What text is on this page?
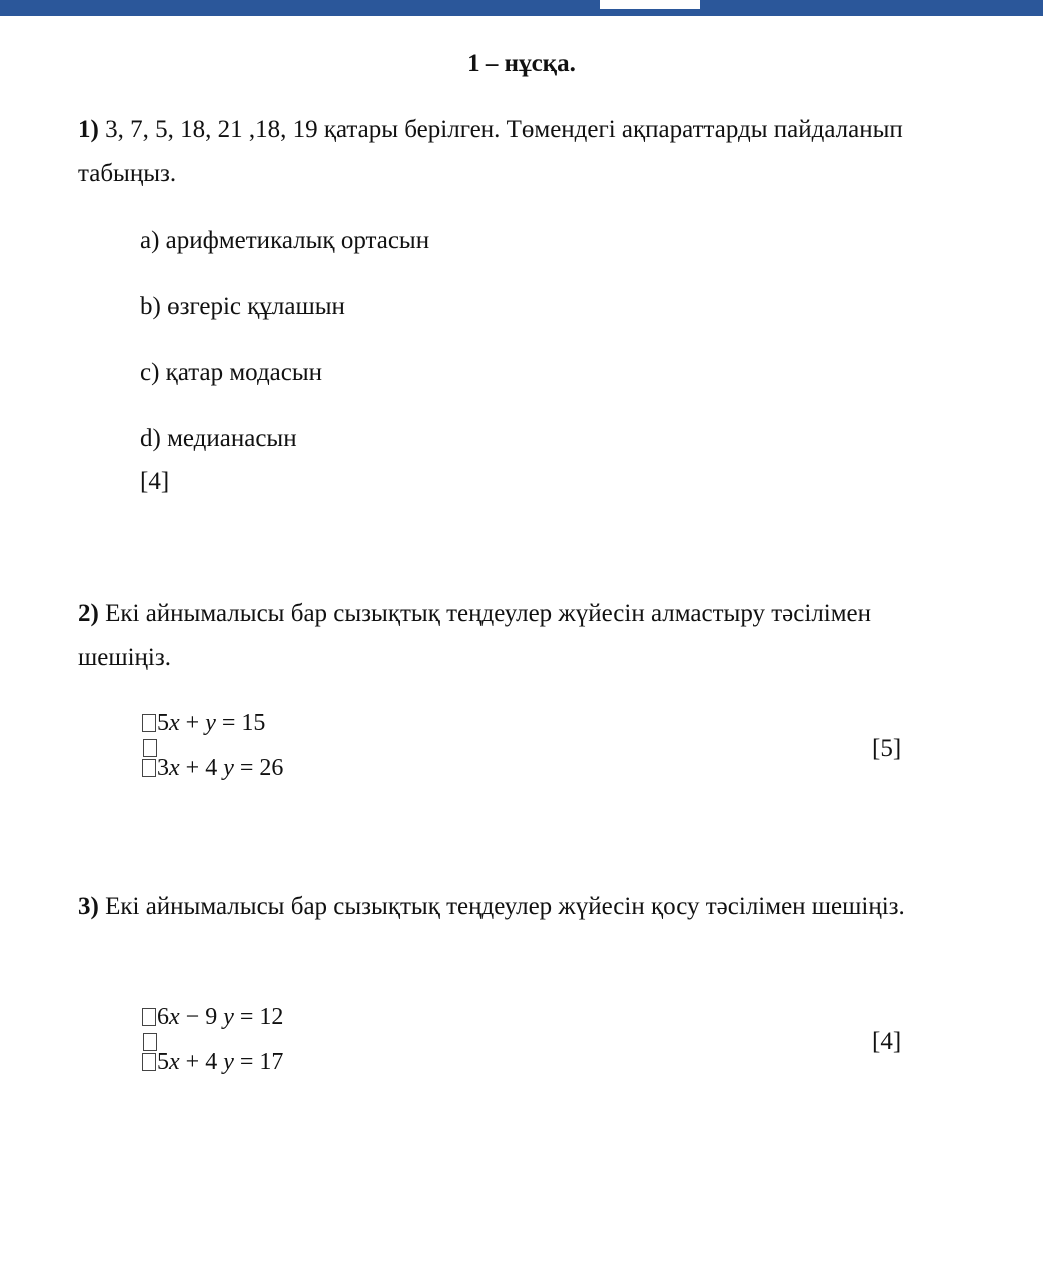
1 – нұсқа.
1) 3, 7, 5, 18, 21 ,18, 19 қатары берілген. Төмендегі ақпараттарды пайдаланып табыңыз.
a) арифметикалық ортасын
b) өзгеріс құлашын
c) қатар модасын
d) медианасын
[4]
2) Екі айнымалысы бар сызықтық теңдеулер жүйесін алмастыру тәсілімен шешіңіз.
5x + y = 15
3x + 4 y = 26
[5]
3) Екі айнымалысы бар сызықтық теңдеулер жүйесін қосу тәсілімен шешіңіз.
6x − 9 y = 12
5x + 4 y = 17
[4]
